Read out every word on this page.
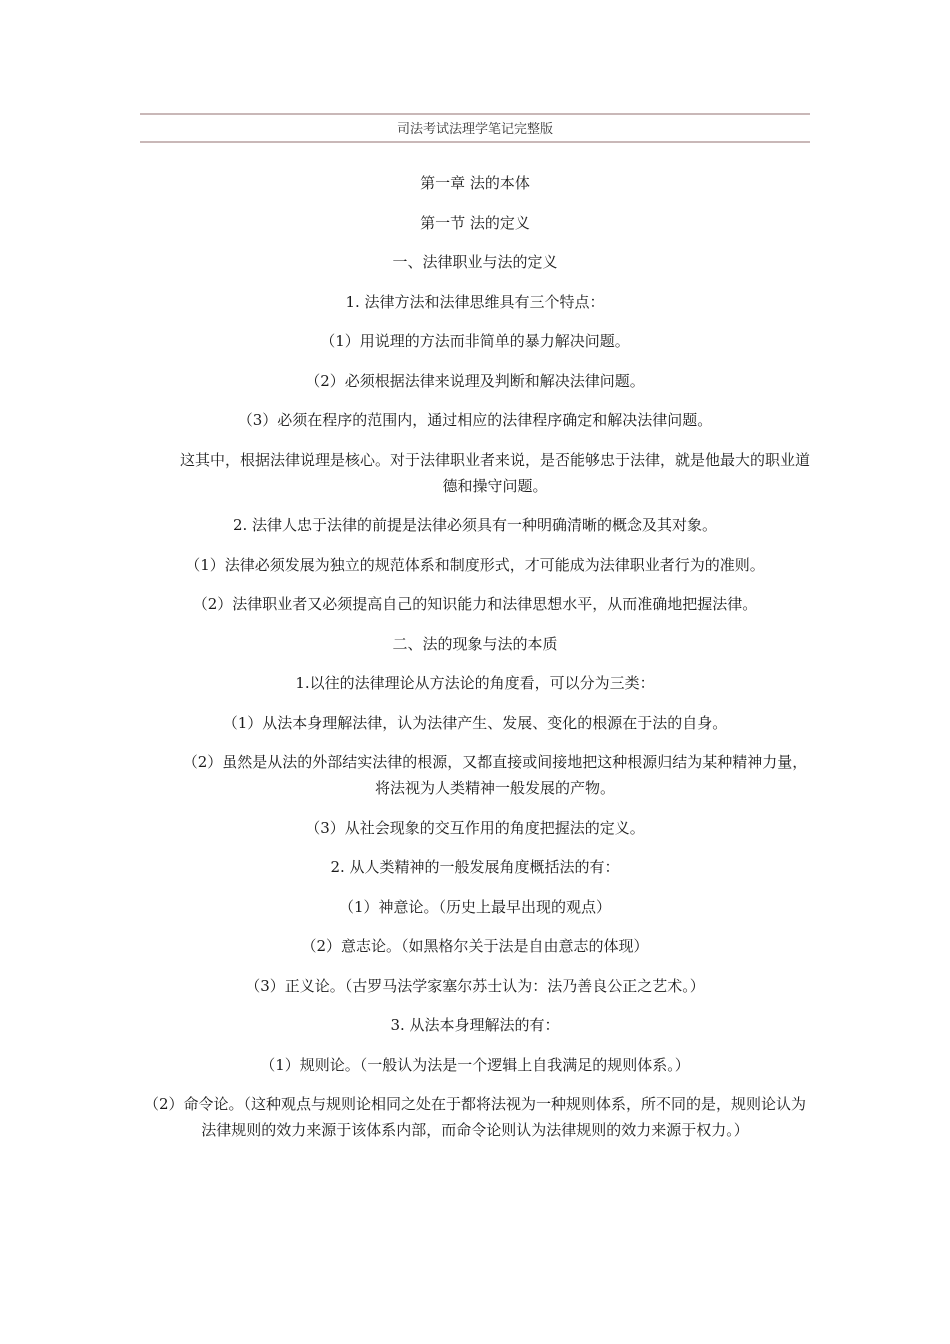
司法考试法理学笔记完整版

第一章 法的本体

第一节 法的定义

一、法律职业与法的定义

1. 法律方法和法律思维具有三个特点：

（1）用说理的方法而非简单的暴力解决问题。

（2）必须根据法律来说理及判断和解决法律问题。

（3）必须在程序的范围内，通过相应的法律程序确定和解决法律问题。

这其中，根据法律说理是核心。对于法律职业者来说，是否能够忠于法律，就是他最大的职业道德和操守问题。

2. 法律人忠于法律的前提是法律必须具有一种明确清晰的概念及其对象。

（1）法律必须发展为独立的规范体系和制度形式，才可能成为法律职业者行为的准则。

（2）法律职业者又必须提高自己的知识能力和法律思想水平，从而准确地把握法律。

二、法的现象与法的本质

1.以往的法律理论从方法论的角度看，可以分为三类：

（1）从法本身理解法律，认为法律产生、发展、变化的根源在于法的自身。

（2）虽然是从法的外部结实法律的根源，又都直接或间接地把这种根源归结为某种精神力量，将法视为人类精神一般发展的产物。

（3）从社会现象的交互作用的角度把握法的定义。

2. 从人类精神的一般发展角度概括法的有：

（1）神意论。（历史上最早出现的观点）

（2）意志论。（如黑格尔关于法是自由意志的体现）

（3）正义论。（古罗马法学家塞尔苏士认为：法乃善良公正之艺术。）

3. 从法本身理解法的有：

（1）规则论。（一般认为法是一个逻辑上自我满足的规则体系。）

（2）命令论。（这种观点与规则论相同之处在于都将法视为一种规则体系，所不同的是，规则论认为法律规则的效力来源于该体系内部，而命令论则认为法律规则的效力来源于权力。）
